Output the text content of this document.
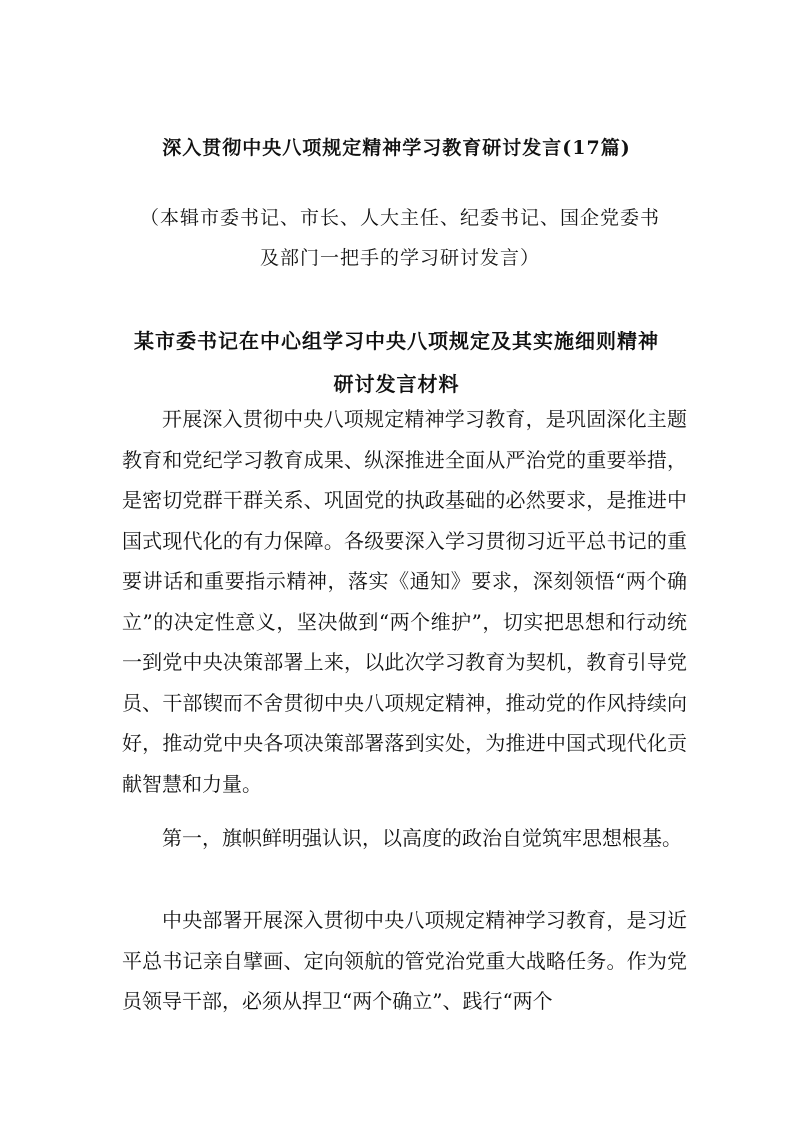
深入贯彻中央八项规定精神学习教育研讨发言(17篇)

（本辑市委书记、市长、人大主任、纪委书记、国企党委书

及部门一把手的学习研讨发言）

某市委书记在中心组学习中央八项规定及其实施细则精神
研讨发言材料

开展深入贯彻中央八项规定精神学习教育，是巩固深化主题教育和党纪学习教育成果、纵深推进全面从严治党的重要举措，是密切党群干群关系、巩固党的执政基础的必然要求，是推进中国式现代化的有力保障。各级要深入学习贯彻习近平总书记的重要讲话和重要指示精神，落实《通知》要求，深刻领悟“两个确立”的决定性意义，坚决做到“两个维护”，切实把思想和行动统一到党中央决策部署上来，以此次学习教育为契机，教育引导党员、干部锲而不舍贯彻中央八项规定精神，推动党的作风持续向好，推动党中央各项决策部署落到实处，为推进中国式现代化贡献智慧和力量。

第一，旗帜鲜明强认识，以高度的政治自觉筑牢思想根基。

中央部署开展深入贯彻中央八项规定精神学习教育，是习近平总书记亲自擘画、定向领航的管党治党重大战略任务。作为党员领导干部，必须从捍卫“两个确立”、践行“两个
